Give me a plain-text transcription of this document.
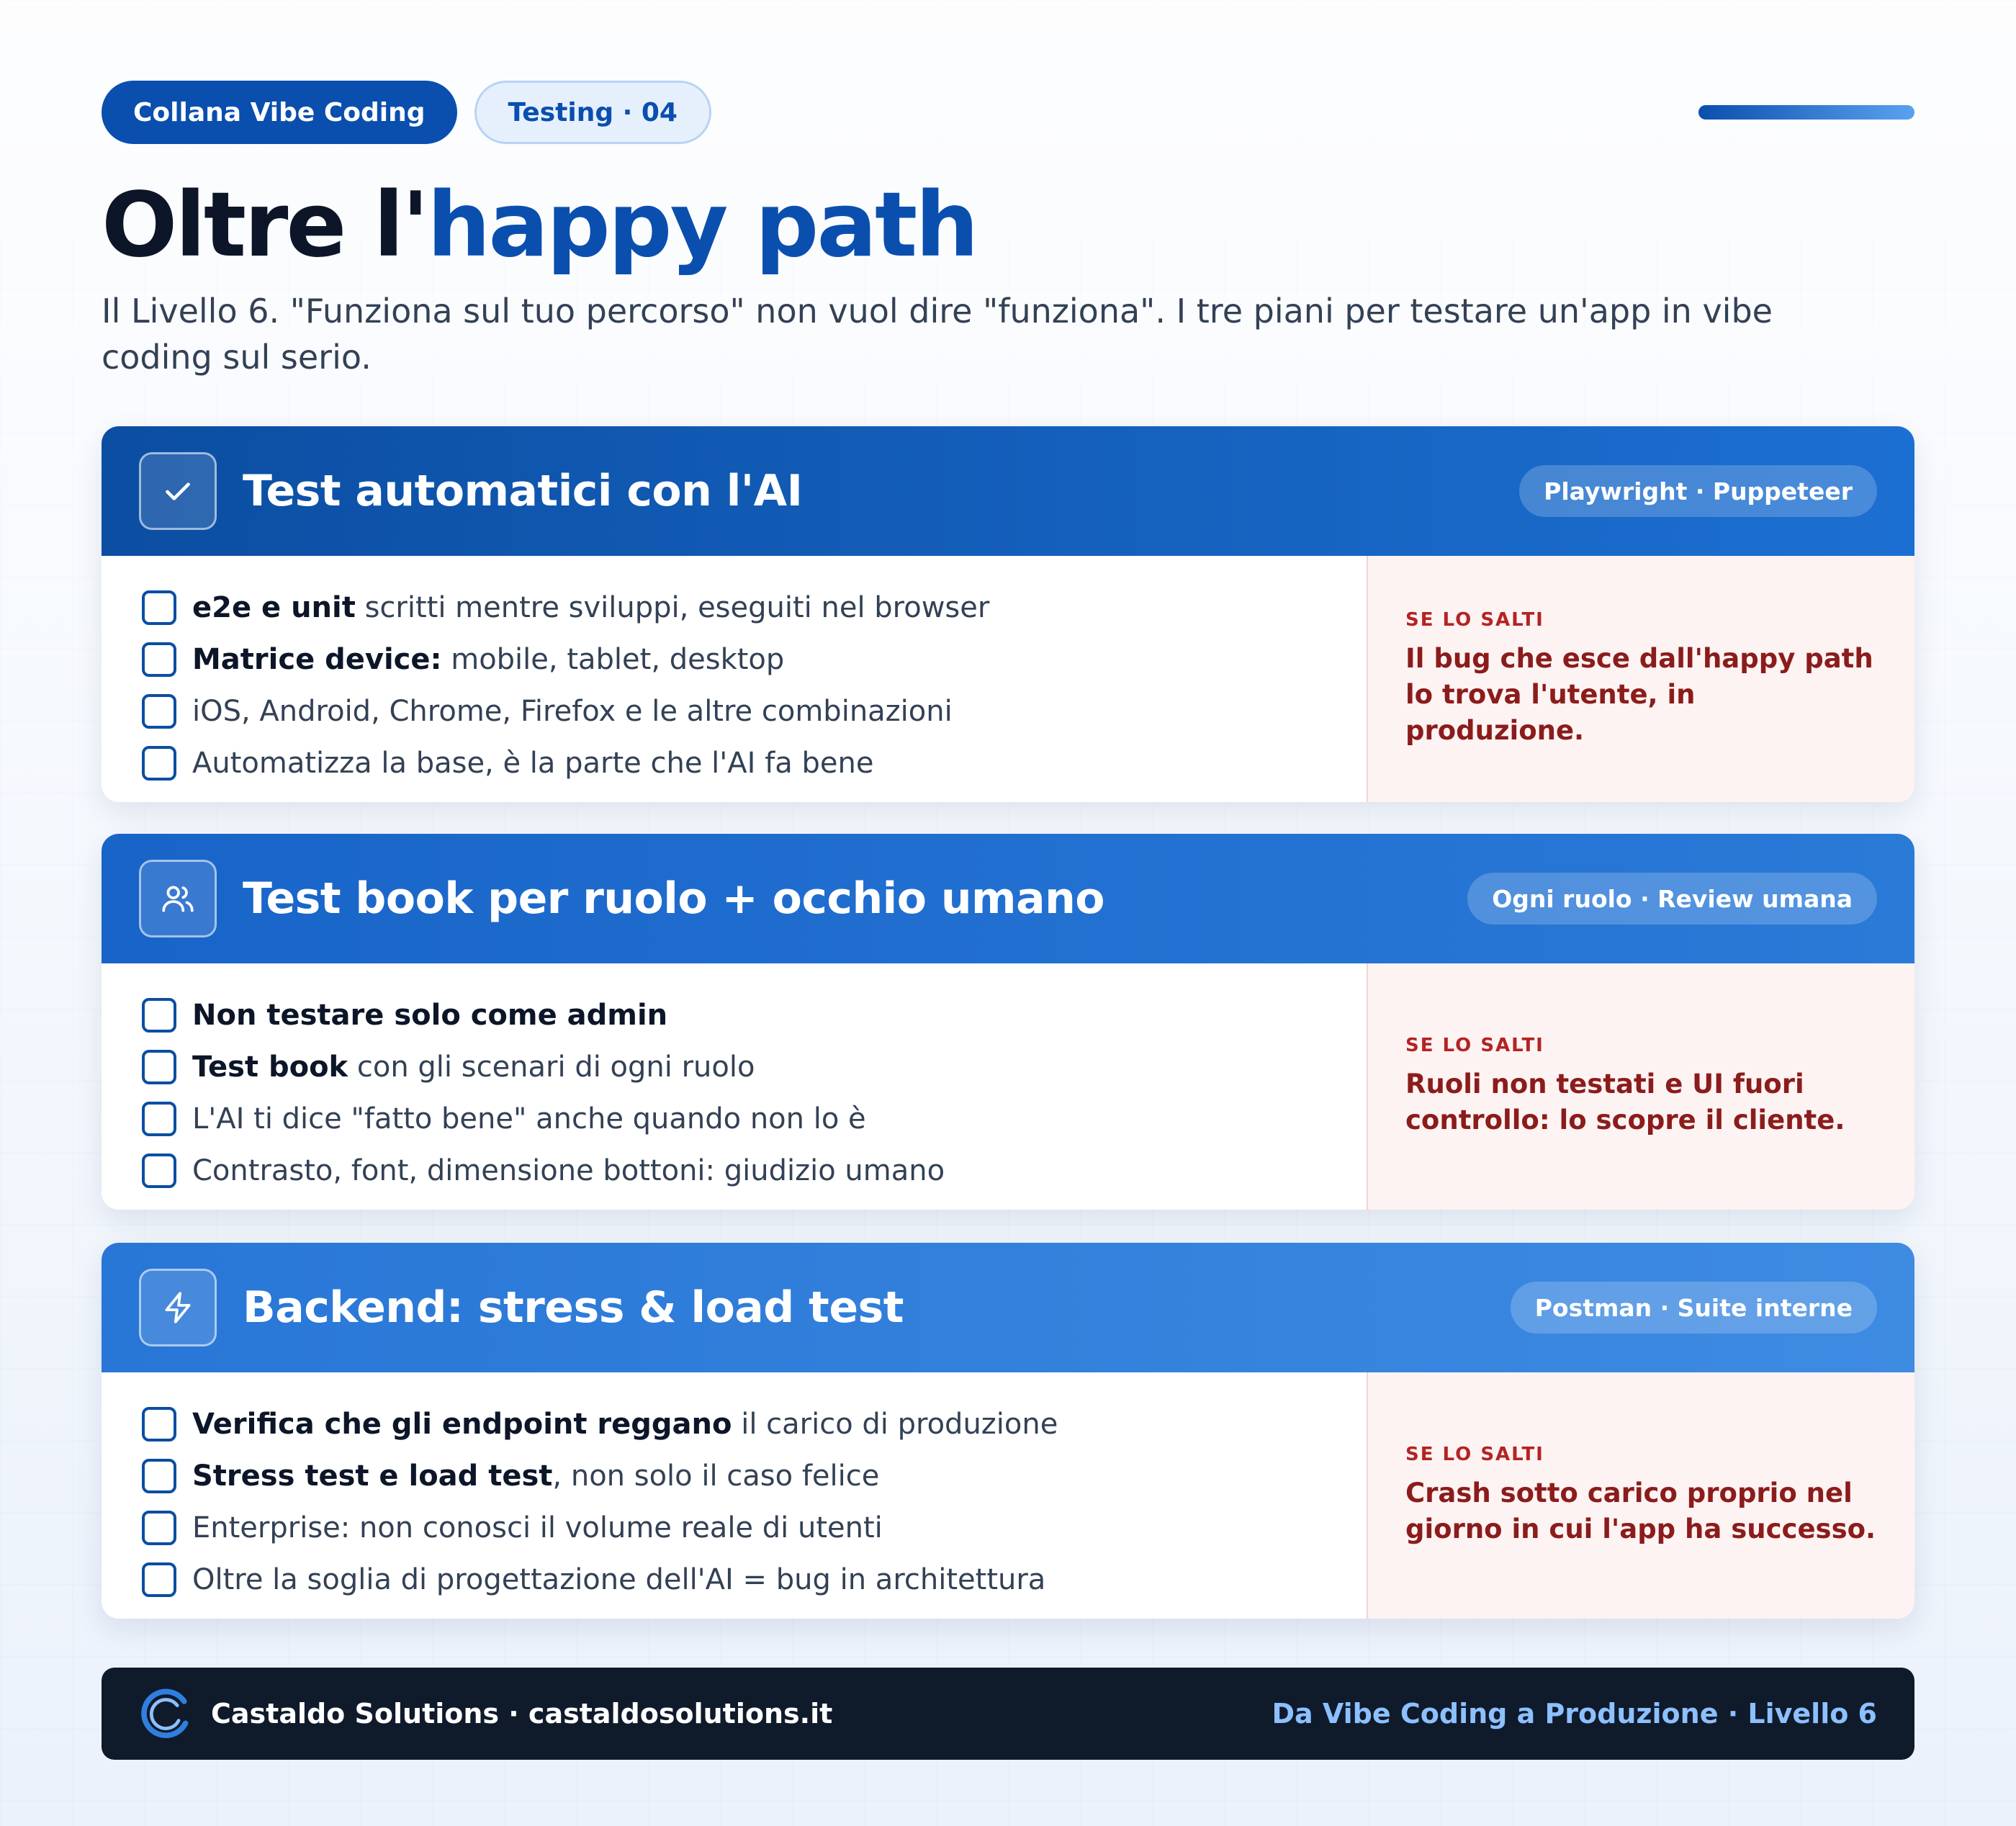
Collana Vibe Coding	Testing · 04
Oltre l'happy path

Il Livello 6. "Funziona sul tuo percorso" non vuol dire "funziona". I tre piani per testare un'app in vibe coding sul serio.

Test automatici con l'AI	Playwright · Puppeteer
e2e e unit scritti mentre sviluppi, eseguiti nel browser
Matrice device: mobile, tablet, desktop
iOS, Android, Chrome, Firefox e le altre combinazioni
Automatizza la base, è la parte che l'AI fa bene
SE LO SALTI
Il bug che esce dall'happy path lo trova l'utente, in produzione.
Test book per ruolo + occhio umano	Ogni ruolo · Review umana
Non testare solo come admin
Test book con gli scenari di ogni ruolo
L'AI ti dice "fatto bene" anche quando non lo è
Contrasto, font, dimensione bottoni: giudizio umano
SE LO SALTI
Ruoli non testati e UI fuori controllo: lo scopre il cliente.
Backend: stress & load test	Postman · Suite interne
Verifica che gli endpoint reggano il carico di produzione
Stress test e load test , non solo il caso felice
Enterprise: non conosci il volume reale di utenti
Oltre la soglia di progettazione dell'AI = bug in architettura
SE LO SALTI
Crash sotto carico proprio nel giorno in cui l'app ha successo.
Castaldo Solutions · castaldosolutions.it	Da Vibe Coding a Produzione · Livello 6
